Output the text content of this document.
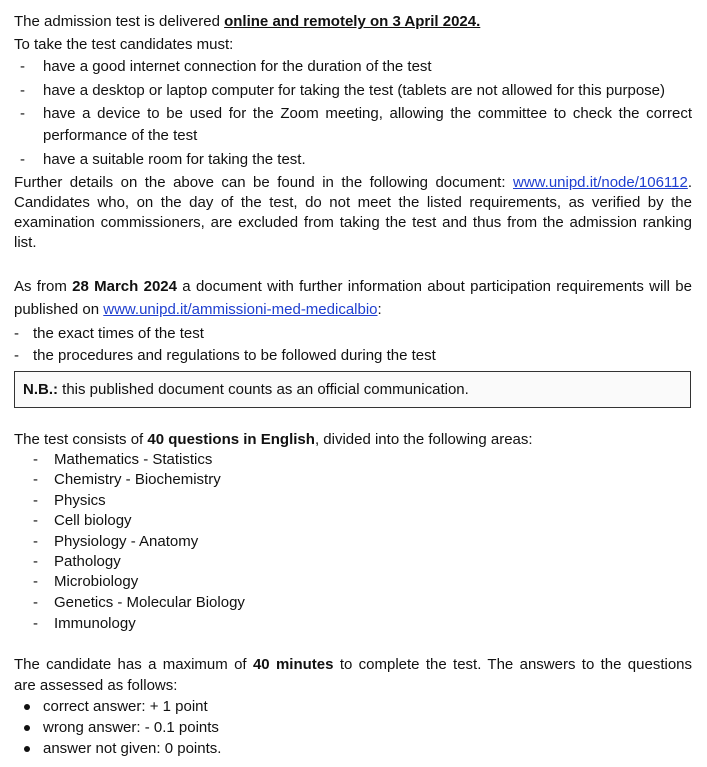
The admission test is delivered online and remotely on 3 April 2024.
To take the test candidates must:
- have a good internet connection for the duration of the test
- have a desktop or laptop computer for taking the test (tablets are not allowed for this purpose)
- have a device to be used for the Zoom meeting, allowing the committee to check the correct
performance of the test
- have a suitable room for taking the test.
Further details on the above can be found in the following document: www.unipd.it/node/106112.
Candidates who, on the day of the test, do not meet the listed requirements, as verified by the
examination commissioners, are excluded from taking the test and thus from the admission ranking
list.
As from 28 March 2024 a document with further information about participation requirements will be
published on www.unipd.it/ammissioni-med-medicalbio:
- the exact times of the test
- the procedures and regulations to be followed during the test
N.B.: this published document counts as an official communication.
The test consists of 40 questions in English, divided into the following areas:
- Mathematics - Statistics
- Chemistry - Biochemistry
- Physics
- Cell biology
- Physiology - Anatomy
- Pathology
- Microbiology
- Genetics - Molecular Biology
- Immunology
The candidate has a maximum of 40 minutes to complete the test. The answers to the questions
are assessed as follows:
correct answer: + 1 point
wrong answer: - 0.1 points
answer not given: 0 points.
